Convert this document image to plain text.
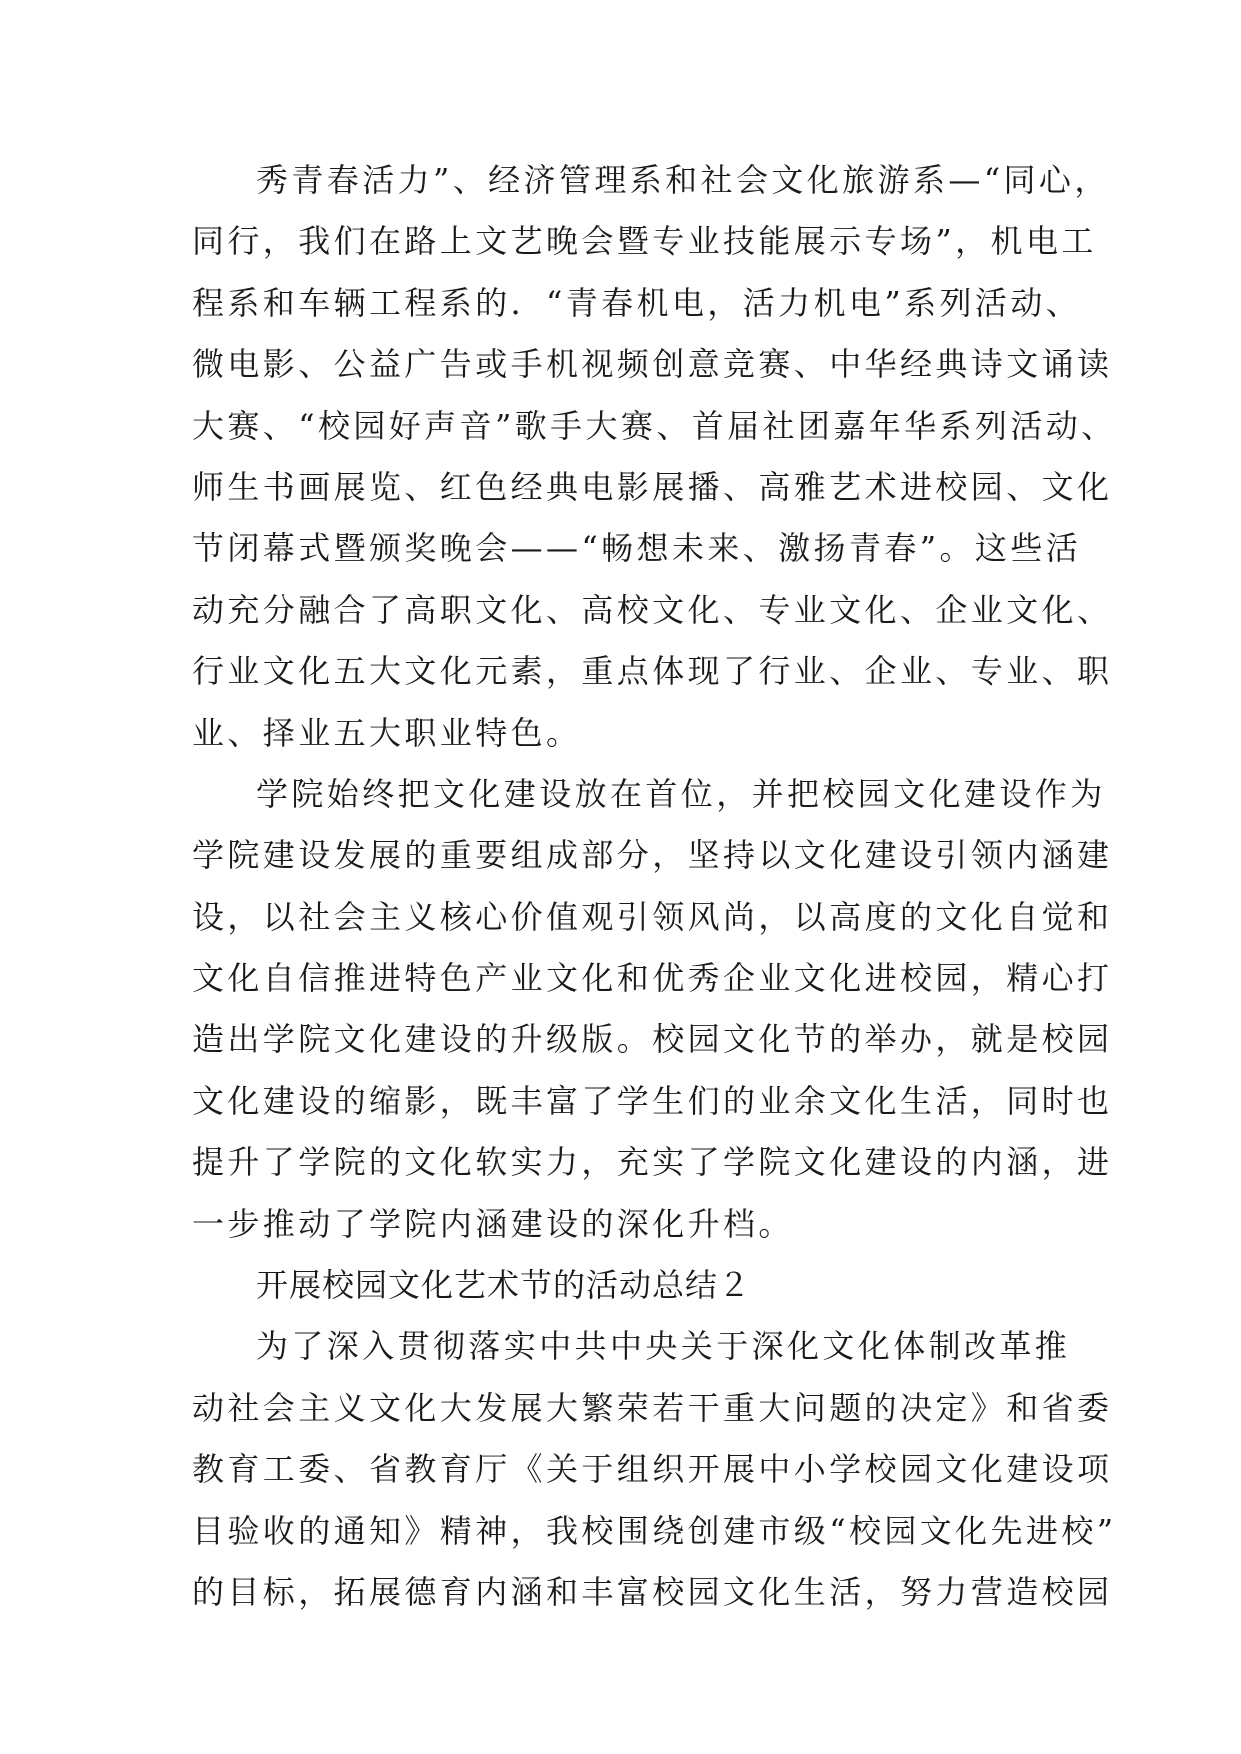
秀青春活力”、经济管理系和社会文化旅游系—“同心，
同行，我们在路上文艺晚会暨专业技能展示专场”，机电工
程系和车辆工程系的．“青春机电，活力机电”系列活动、
微电影、公益广告或手机视频创意竞赛、中华经典诗文诵读
大赛、“校园好声音”歌手大赛、首届社团嘉年华系列活动、
师生书画展览、红色经典电影展播、高雅艺术进校园、文化
节闭幕式暨颁奖晚会——“畅想未来、激扬青春”。这些活
动充分融合了高职文化、高校文化、专业文化、企业文化、
行业文化五大文化元素，重点体现了行业、企业、专业、职
业、择业五大职业特色。
学院始终把文化建设放在首位，并把校园文化建设作为
学院建设发展的重要组成部分，坚持以文化建设引领内涵建
设，以社会主义核心价值观引领风尚，以高度的文化自觉和
文化自信推进特色产业文化和优秀企业文化进校园，精心打
造出学院文化建设的升级版。校园文化节的举办，就是校园
文化建设的缩影，既丰富了学生们的业余文化生活，同时也
提升了学院的文化软实力，充实了学院文化建设的内涵，进
一步推动了学院内涵建设的深化升档。
开展校园文化艺术节的活动总结２
为了深入贯彻落实中共中央关于深化文化体制改革推
动社会主义文化大发展大繁荣若干重大问题的决定》和省委
教育工委、省教育厅《关于组织开展中小学校园文化建设项
目验收的通知》精神，我校围绕创建市级“校园文化先进校”
的目标，拓展德育内涵和丰富校园文化生活，努力营造校园
